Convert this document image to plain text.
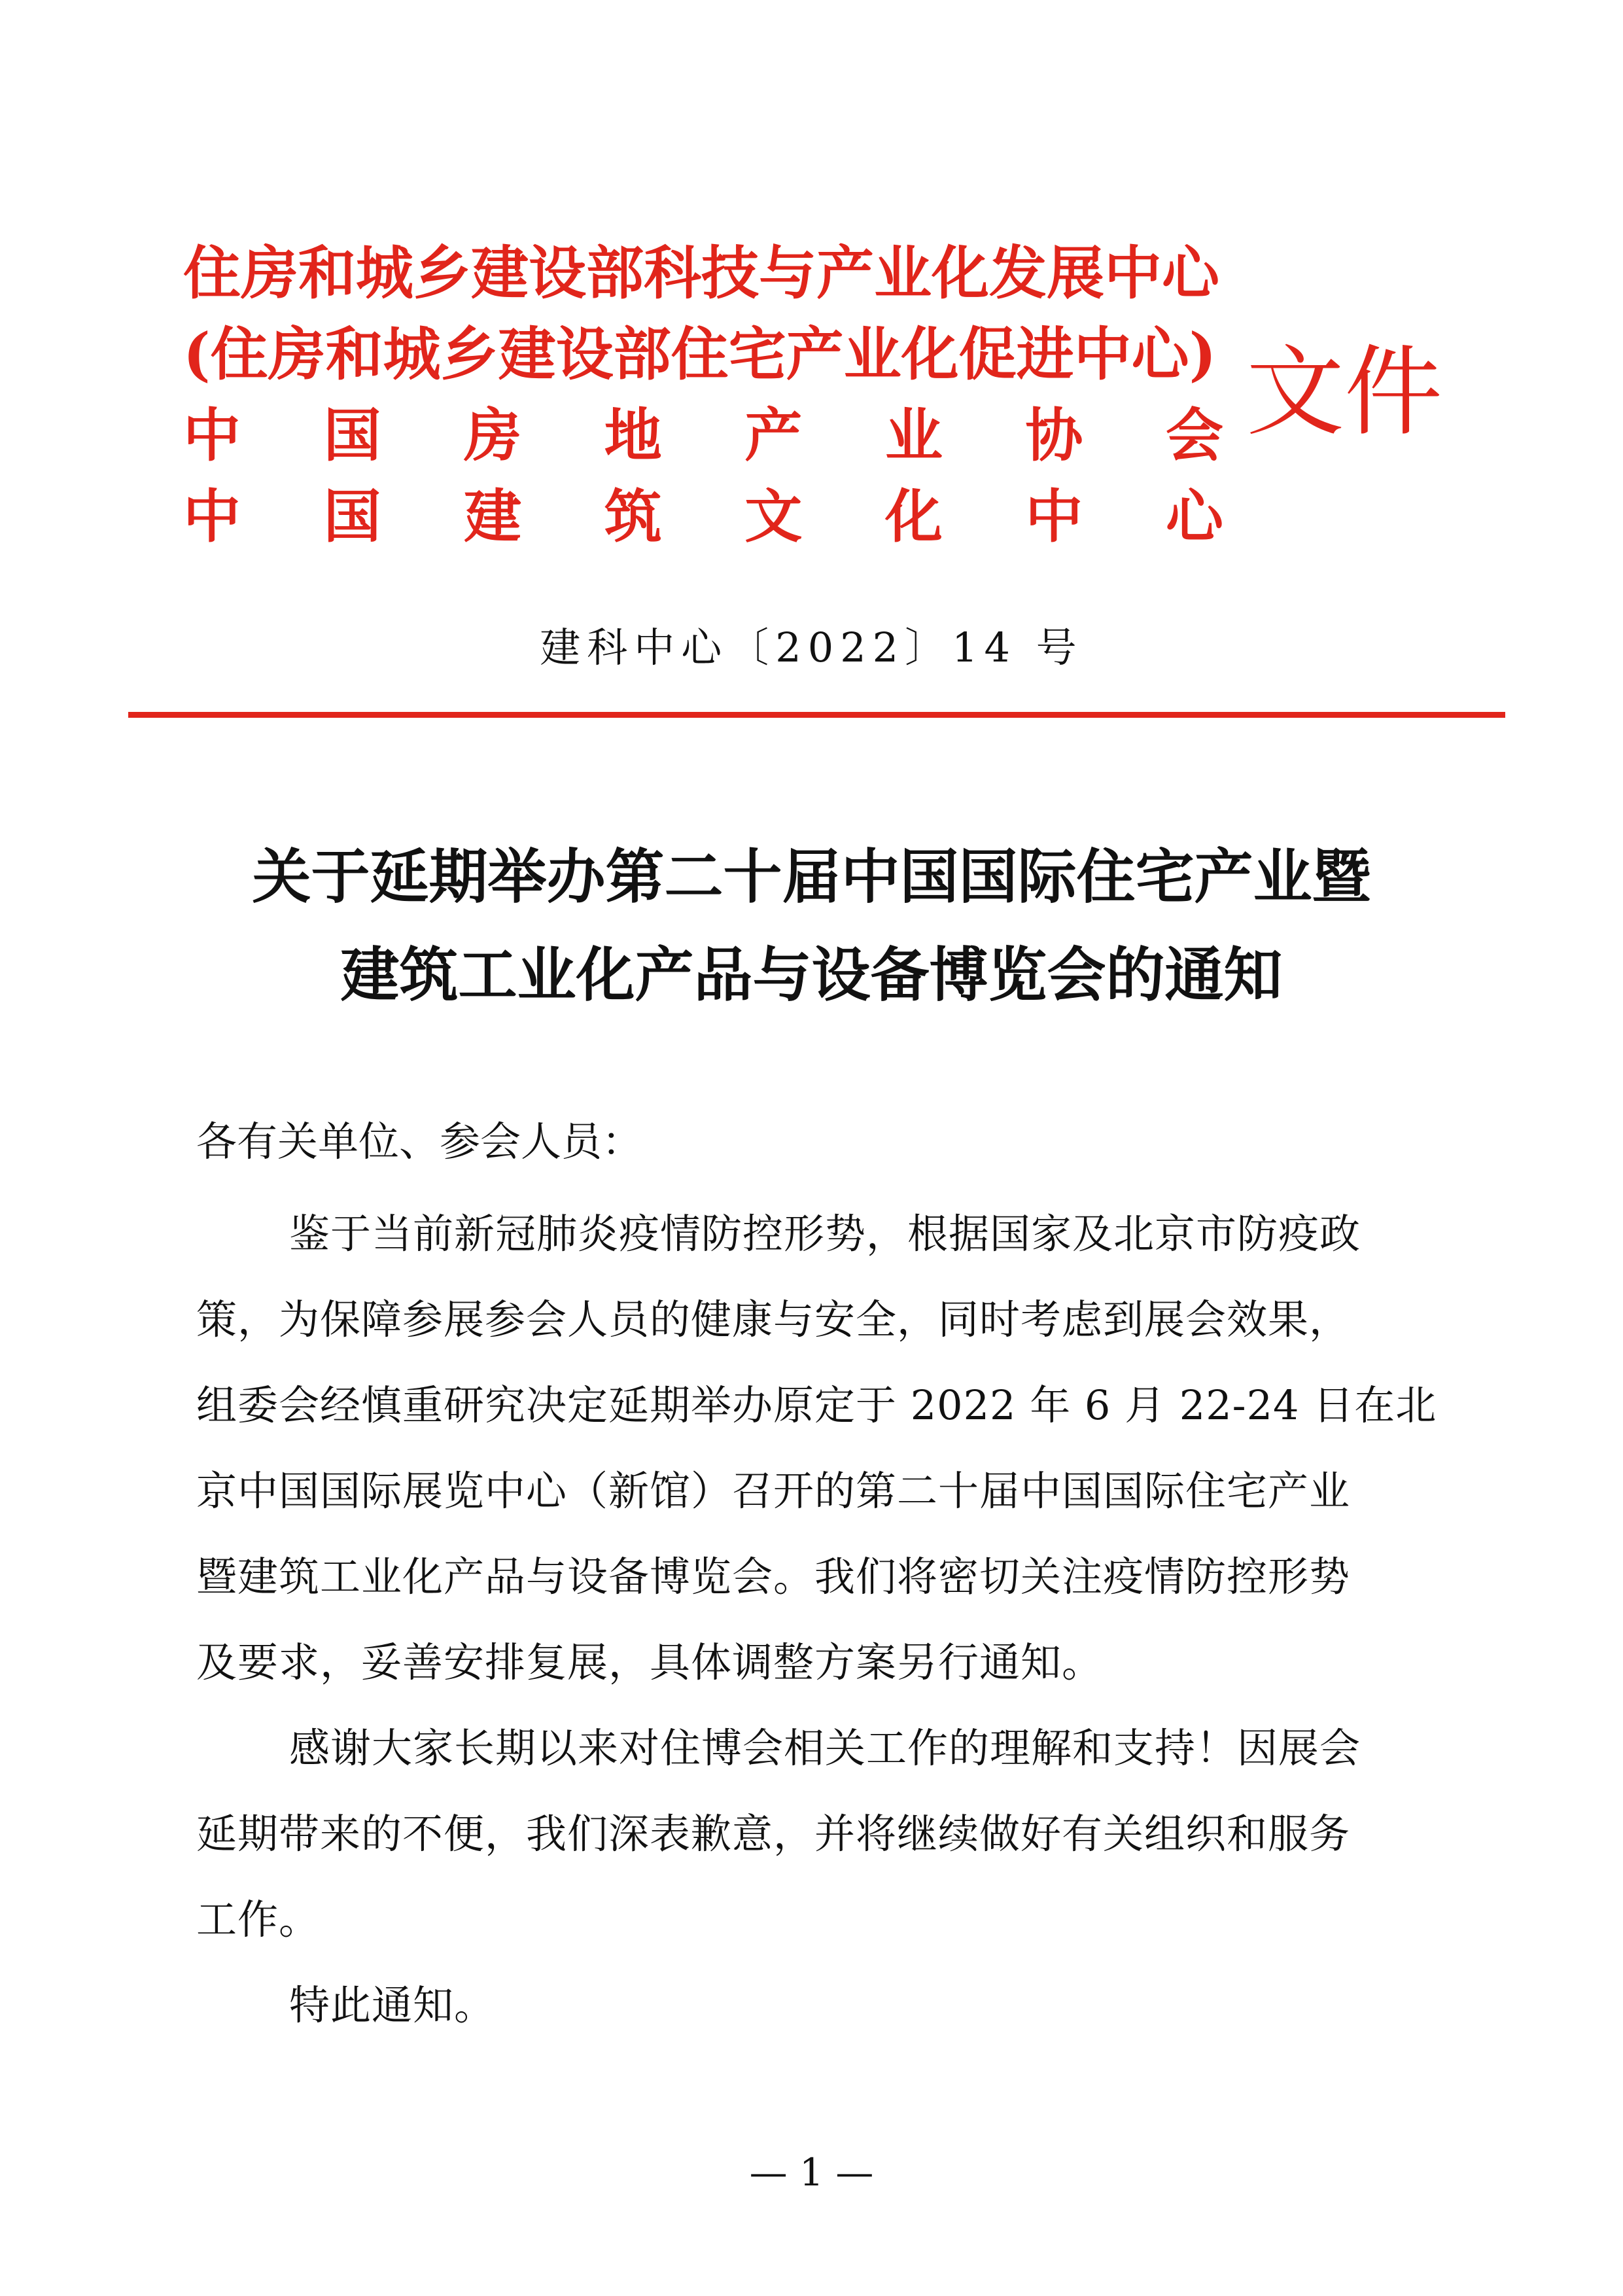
住房和城乡建设部科技与产业化发展中心
(住房和城乡建设部住宅产业化促进中心)
中 国 房 地 产 业 协 会
中 国 建 筑 文 化 中 心
文件
建科中心〔2022〕14 号
关于延期举办第二十届中国国际住宅产业暨
建筑工业化产品与设备博览会的通知
各有关单位、参会人员：
鉴于当前新冠肺炎疫情防控形势，根据国家及北京市防疫政
策，为保障参展参会人员的健康与安全，同时考虑到展会效果，
组委会经慎重研究决定延期举办原定于 2022 年 6 月 22-24 日在北
京中国国际展览中心（新馆）召开的第二十届中国国际住宅产业
暨建筑工业化产品与设备博览会。我们将密切关注疫情防控形势
及要求，妥善安排复展，具体调整方案另行通知。
感谢大家长期以来对住博会相关工作的理解和支持！因展会
延期带来的不便，我们深表歉意，并将继续做好有关组织和服务
工作。
特此通知。
— 1 —
